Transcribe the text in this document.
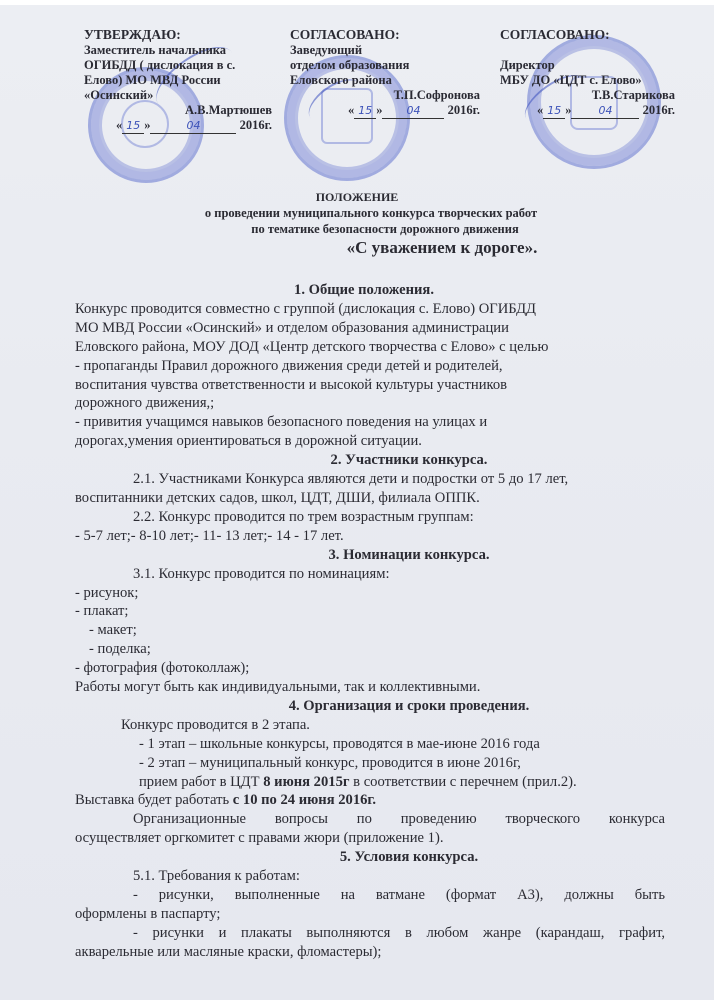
УТВЕРЖДАЮ:
Заместитель начальника
ОГИБДД ( дислокация в с.
Елово) МО МВД России
«Осинский»
А.В.Мартюшев
« 15 »	04	2016г.
СОГЛАСОВАНО:
Заведующий
отделом образования
Еловского района
Т.П.Софронова
« 15 » 04 2016г.
СОГЛАСОВАНО:
Директор
МБУ ДО «ЦДТ с. Елово»
Т.В.Старикова
« 15 » 04 2016г.
ПОЛОЖЕНИЕ
о проведении муниципального конкурса творческих работ
по тематике безопасности дорожного движения
«С уважением к дороге».

1. Общие положения.

Конкурс проводится совместно с группой (дислокация с. Елово) ОГИБДД

МО МВД России «Осинский» и отделом образования администрации

Еловского района, МОУ ДОД «Центр детского творчества с Елово» с целью

- пропаганды Правил дорожного движения среди детей и родителей,

воспитания чувства ответственности и высокой культуры участников

дорожного движения,;

- привития учащимся навыков безопасного поведения на улицах и

дорогах,умения ориентироваться в дорожной ситуации.

2. Участники конкурса.

2.1. Участниками Конкурса являются дети и подростки от 5 до 17 лет,

воспитанники детских садов, школ, ЦДТ, ДШИ, филиала ОППК.

2.2. Конкурс проводится по трем возрастным группам:

- 5-7 лет;- 8-10 лет;- 11- 13 лет;- 14 - 17 лет.

3. Номинации конкурса.

3.1. Конкурс проводится по номинациям:

- рисунок;

- плакат;

- макет;

- поделка;

- фотография (фотоколлаж);

Работы могут быть как индивидуальными, так и коллективными.

4. Организация и сроки проведения.

Конкурс проводится в 2 этапа.

- 1 этап – школьные конкурсы, проводятся в мае-июне 2016 года

- 2 этап – муниципальный конкурс, проводится в июне 2016г,

прием работ в ЦДТ 8 июня 2015г в соответствии с перечнем (прил.2).

Выставка будет работать с 10 по 24 июня 2016г.

Организационные вопросы по проведению творческого конкурса

осуществляет оргкомитет с правами жюри (приложение 1).

5. Условия конкурса.

5.1. Требования к работам:

- рисунки, выполненные на ватмане (формат А3), должны быть

оформлены в паспарту;

- рисунки и плакаты выполняются в любом жанре (карандаш, графит,

акварельные или масляные краски, фломастеры);
